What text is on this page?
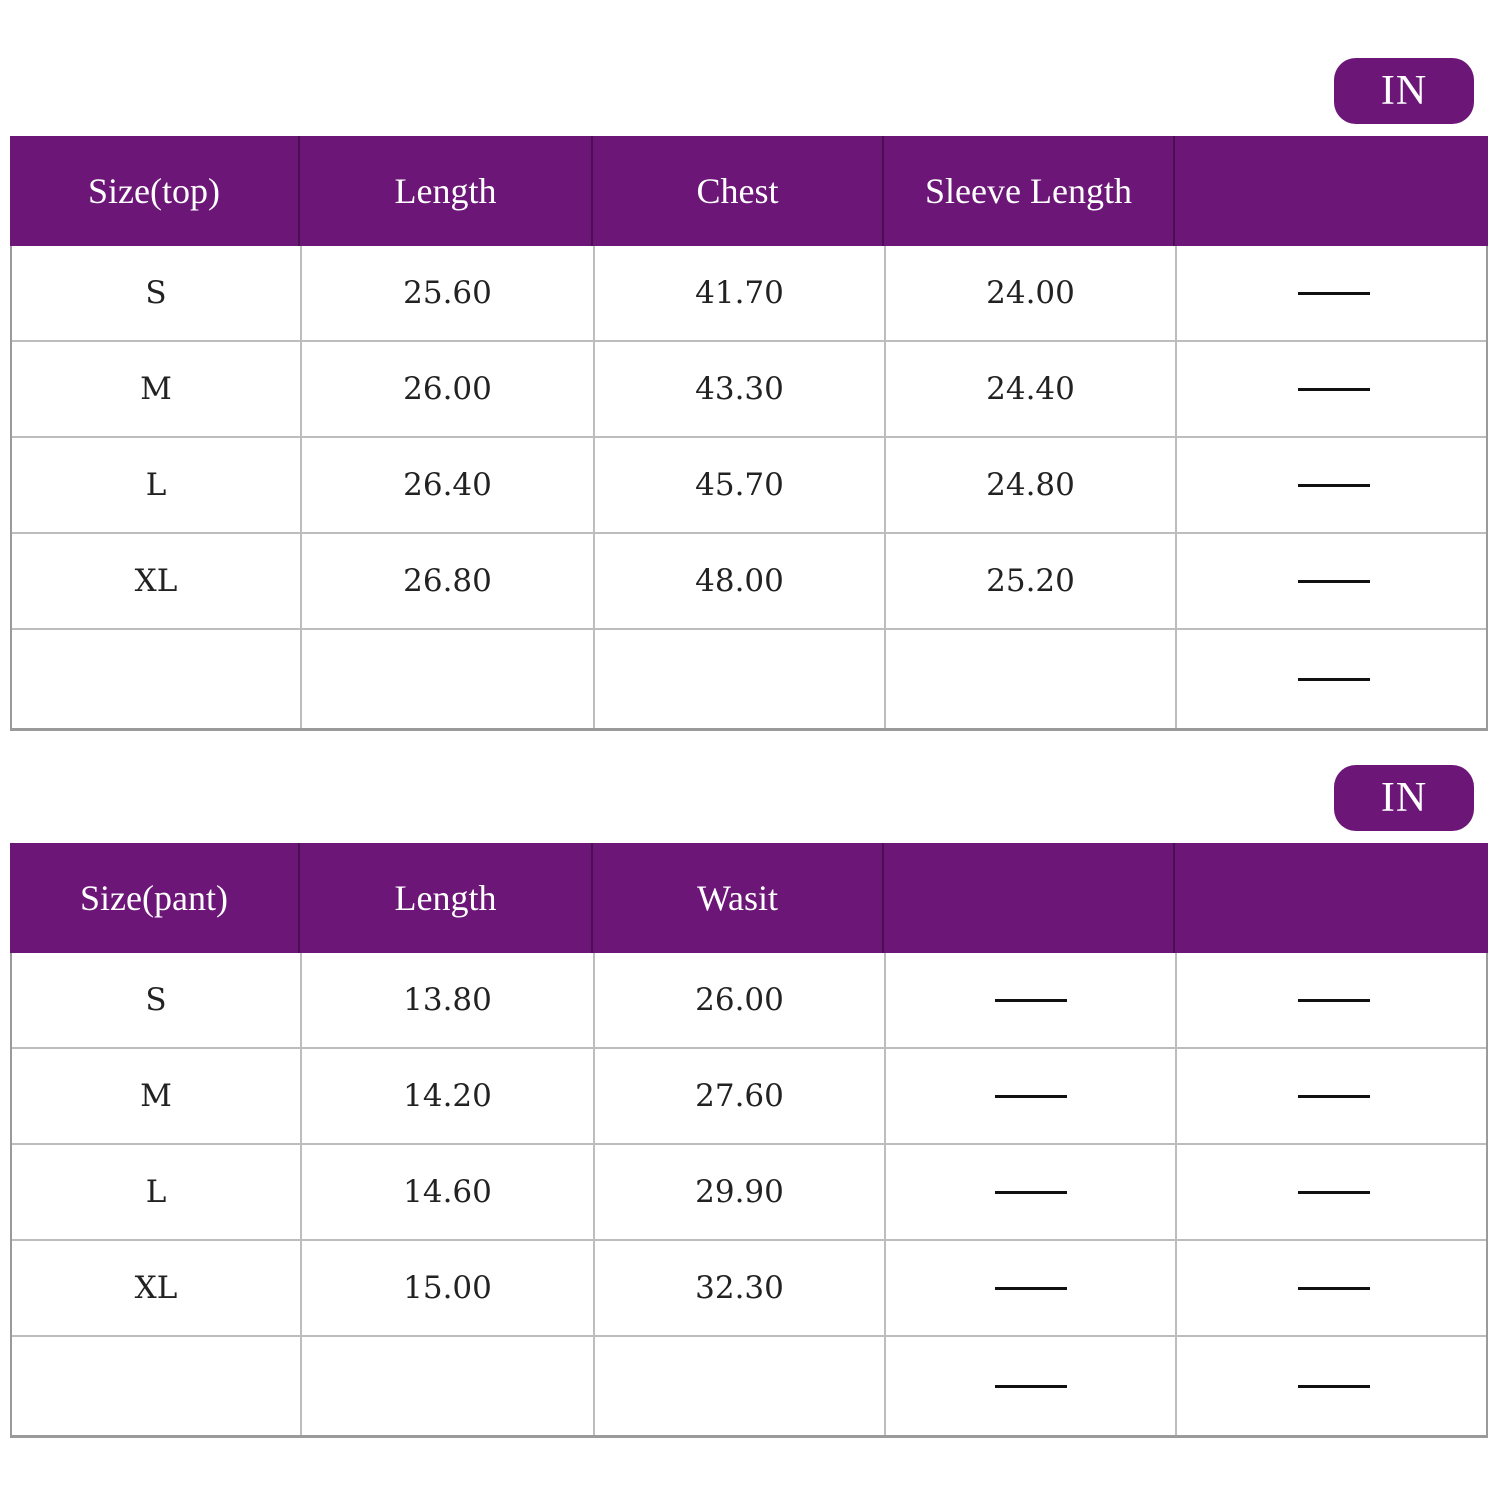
IN
Size(top)	Length	Chest	Sleeve Length
S	25.60	41.70	24.00
M	26.00	43.30	24.40
L	26.40	45.70	24.80
XL	26.80	48.00	25.20
IN
Size(pant)	Length	Wasit
S	13.80	26.00
M	14.20	27.60
L	14.60	29.90
XL	15.00	32.30
